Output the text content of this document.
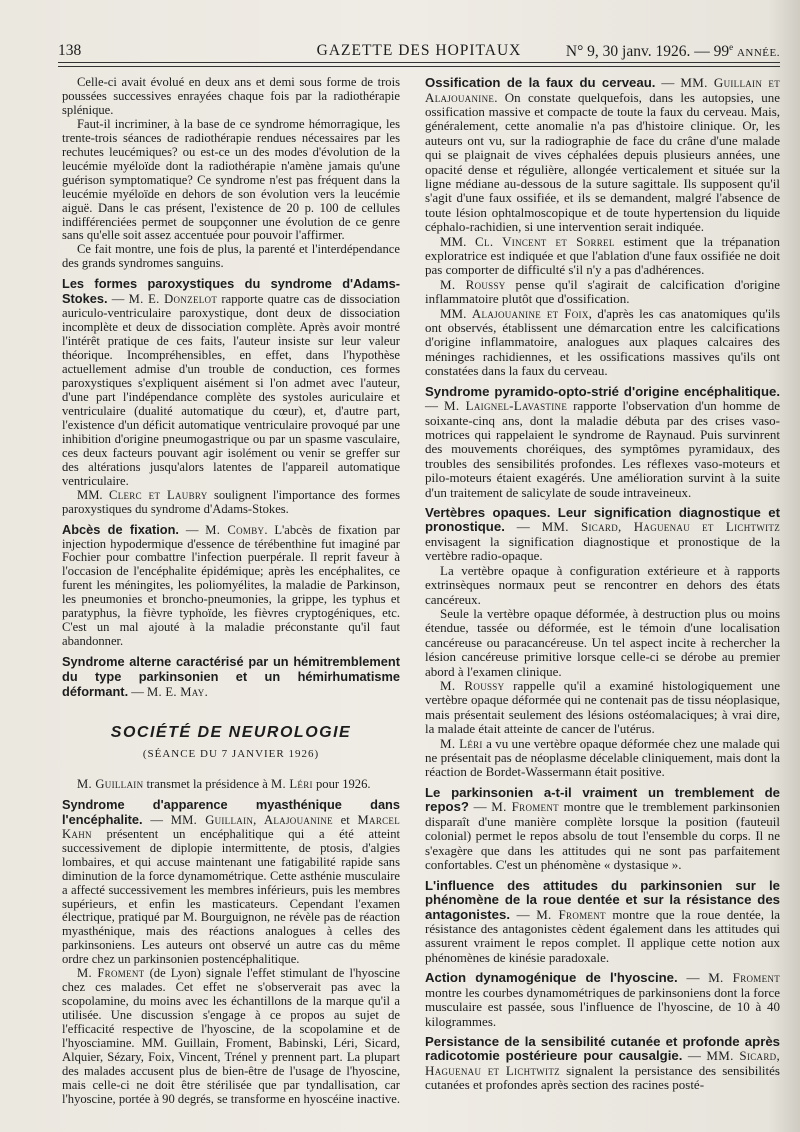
138	GAZETTE DES HOPITAUX	N° 9, 30 janv. 1926. — 99e ANNÉE.

Celle-ci avait évolué en deux ans et demi sous forme de trois poussées successives enrayées chaque fois par la radiothérapie splénique.

Faut-il incriminer, à la base de ce syndrome hémorragique, les trente-trois séances de radiothérapie rendues nécessaires par les rechutes leucémiques? ou est-ce un des modes d'évolution de la leucémie myéloïde dont la radiothérapie n'amène jamais qu'une guérison symptomatique? Ce syndrome n'est pas fréquent dans la leucémie myéloïde en dehors de son évolution vers la leucémie aiguë. Dans le cas présent, l'existence de 20 p. 100 de cellules indifférenciées permet de soupçonner une évolution de ce genre sans qu'elle soit assez accentuée pour pouvoir l'affirmer.

Ce fait montre, une fois de plus, la parenté et l'interdépendance des grands syndromes sanguins.

Les formes paroxystiques du syndrome d'Adams-Stokes. — M. E. Donzelot rapporte quatre cas de dissociation auriculo-ventriculaire paroxystique, dont deux de dissociation incomplète et deux de dissociation complète. Après avoir montré l'intérêt pratique de ces faits, l'auteur insiste sur leur valeur théorique. Incompréhensibles, en effet, dans l'hypothèse actuellement admise d'un trouble de conduction, ces formes paroxystiques s'expliquent aisément si l'on admet avec l'auteur, d'une part l'indépendance complète des systoles auriculaire et ventriculaire (dualité automatique du cœur), et, d'autre part, l'existence d'un déficit automatique ventriculaire provoqué par une inhibition d'origine pneumogastrique ou par un spasme vasculaire, ces deux facteurs pouvant agir isolément ou venir se greffer sur des altérations jusqu'alors latentes de l'appareil automatique ventriculaire.

MM. Clerc et Laubry soulignent l'importance des formes paroxystiques du syndrome d'Adams-Stokes.

Abcès de fixation. — M. Comby. L'abcès de fixation par injection hypodermique d'essence de térébenthine fut imaginé par Fochier pour combattre l'infection puerpérale. Il reprit faveur à l'occasion de l'encéphalite épidémique; après les encéphalites, ce furent les méningites, les poliomyélites, la maladie de Parkinson, les pneumonies et broncho-pneumonies, la grippe, les typhus et paratyphus, la fièvre typhoïde, les fièvres cryptogéniques, etc. C'est un mal ajouté à la maladie préconstante qu'il faut abandonner.

Syndrome alterne caractérisé par un hémitremblement du type parkinsonien et un hémirhumatisme déformant. — M. E. May.

SOCIÉTÉ DE NEUROLOGIE
(SÉANCE DU 7 JANVIER 1926)

M. Guillain transmet la présidence à M. Léri pour 1926.

Syndrome d'apparence myasthénique dans l'encéphalite. — MM. Guillain, Alajouanine et Marcel Kahn présentent un encéphalitique qui a été atteint successivement de diplopie intermittente, de ptosis, d'algies lombaires, et qui accuse maintenant une fatigabilité rapide sans diminution de la force dynamométrique. Cette asthénie musculaire a affecté successivement les membres inférieurs, puis les membres supérieurs, et enfin les masticateurs. Cependant l'examen électrique, pratiqué par M. Bourguignon, ne révèle pas de réaction myasthénique, mais des réactions analogues à celles des parkinsoniens. Les auteurs ont observé un autre cas du même ordre chez un parkinsonien postencéphalitique.

M. Froment (de Lyon) signale l'effet stimulant de l'hyoscine chez ces malades. Cet effet ne s'observerait pas avec la scopolamine, du moins avec les échantillons de la marque qu'il a utilisée. Une discussion s'engage à ce propos au sujet de l'efficacité respective de l'hyoscine, de la scopolamine et de l'hyosciamine. MM. Guillain, Froment, Babinski, Léri, Sicard, Alquier, Sézary, Foix, Vincent, Trénel y prennent part. La plupart des malades accusent plus de bien-être de l'usage de l'hyoscine, mais celle-ci ne doit être stérilisée que par tyndallisation, car l'hyoscine, portée à 90 degrés, se transforme en hyoscéine inactive.

Ossification de la faux du cerveau. — MM. Guillain et Alajouanine. On constate quelquefois, dans les autopsies, une ossification massive et compacte de toute la faux du cerveau. Mais, généralement, cette anomalie n'a pas d'histoire clinique. Or, les auteurs ont vu, sur la radiographie de face du crâne d'une malade qui se plaignait de vives céphalées depuis plusieurs années, une opacité dense et régulière, allongée verticalement et située sur la ligne médiane au-dessous de la suture sagittale. Ils supposent qu'il s'agit d'une faux ossifiée, et ils se demandent, malgré l'absence de toute lésion ophtalmoscopique et de toute hypertension du liquide céphalo-rachidien, si une intervention serait indiquée.

MM. Cl. Vincent et Sorrel estiment que la trépanation exploratrice est indiquée et que l'ablation d'une faux ossifiée ne doit pas comporter de difficulté s'il n'y a pas d'adhérences.

M. Roussy pense qu'il s'agirait de calcification d'origine inflammatoire plutôt que d'ossification.

MM. Alajouanine et Foix, d'après les cas anatomiques qu'ils ont observés, établissent une démarcation entre les calcifications d'origine inflammatoire, analogues aux plaques calcaires des méninges rachidiennes, et les ossifications massives qu'ils ont constatées dans la faux du cerveau.

Syndrome pyramido-opto-strié d'origine encéphalitique. — M. Laignel-Lavastine rapporte l'observation d'un homme de soixante-cinq ans, dont la maladie débuta par des crises vaso-motrices qui rappelaient le syndrome de Raynaud. Puis survinrent des mouvements choréiques, des symptômes pyramidaux, des troubles des sensibilités profondes. Les réflexes vaso-moteurs et pilo-moteurs étaient exagérés. Une amélioration survint à la suite d'un traitement de salicylate de soude intraveineux.

Vertèbres opaques. Leur signification diagnostique et pronostique. — MM. Sicard, Haguenau et Lichtwitz envisagent la signification diagnostique et pronostique de la vertèbre radio-opaque.

La vertèbre opaque à configuration extérieure et à rapports extrinsèques normaux peut se rencontrer en dehors des états cancéreux.

Seule la vertèbre opaque déformée, à destruction plus ou moins étendue, tassée ou déformée, est le témoin d'une localisation cancéreuse ou paracancéreuse. Un tel aspect incite à rechercher la lésion cancéreuse primitive lorsque celle-ci se dérobe au premier abord à l'examen clinique.

M. Roussy rappelle qu'il a examiné histologiquement une vertèbre opaque déformée qui ne contenait pas de tissu néoplasique, mais présentait seulement des lésions ostéomalaciques; à vrai dire, la malade était atteinte de cancer de l'utérus.

M. Léri a vu une vertèbre opaque déformée chez une malade qui ne présentait pas de néoplasme décelable cliniquement, mais dont la réaction de Bordet-Wassermann était positive.

Le parkinsonien a-t-il vraiment un tremblement de repos? — M. Froment montre que le tremblement parkinsonien disparaît d'une manière complète lorsque la position (fauteuil colonial) permet le repos absolu de tout l'ensemble du corps. Il ne s'exagère que dans les attitudes qui ne sont pas parfaitement confortables. C'est un phénomène « dystasique ».

L'influence des attitudes du parkinsonien sur le phénomène de la roue dentée et sur la résistance des antagonistes. — M. Froment montre que la roue dentée, la résistance des antagonistes cèdent également dans les attitudes qui assurent vraiment le repos complet. Il applique cette notion aux phénomènes de kinésie paradoxale.

Action dynamogénique de l'hyoscine. — M. Froment montre les courbes dynamométriques de parkinsoniens dont la force musculaire est passée, sous l'influence de l'hyoscine, de 10 à 40 kilogrammes.

Persistance de la sensibilité cutanée et profonde après radicotomie postérieure pour causalgie. — MM. Sicard, Haguenau et Lichtwitz signalent la persistance des sensibilités cutanées et profondes après section des racines posté-
